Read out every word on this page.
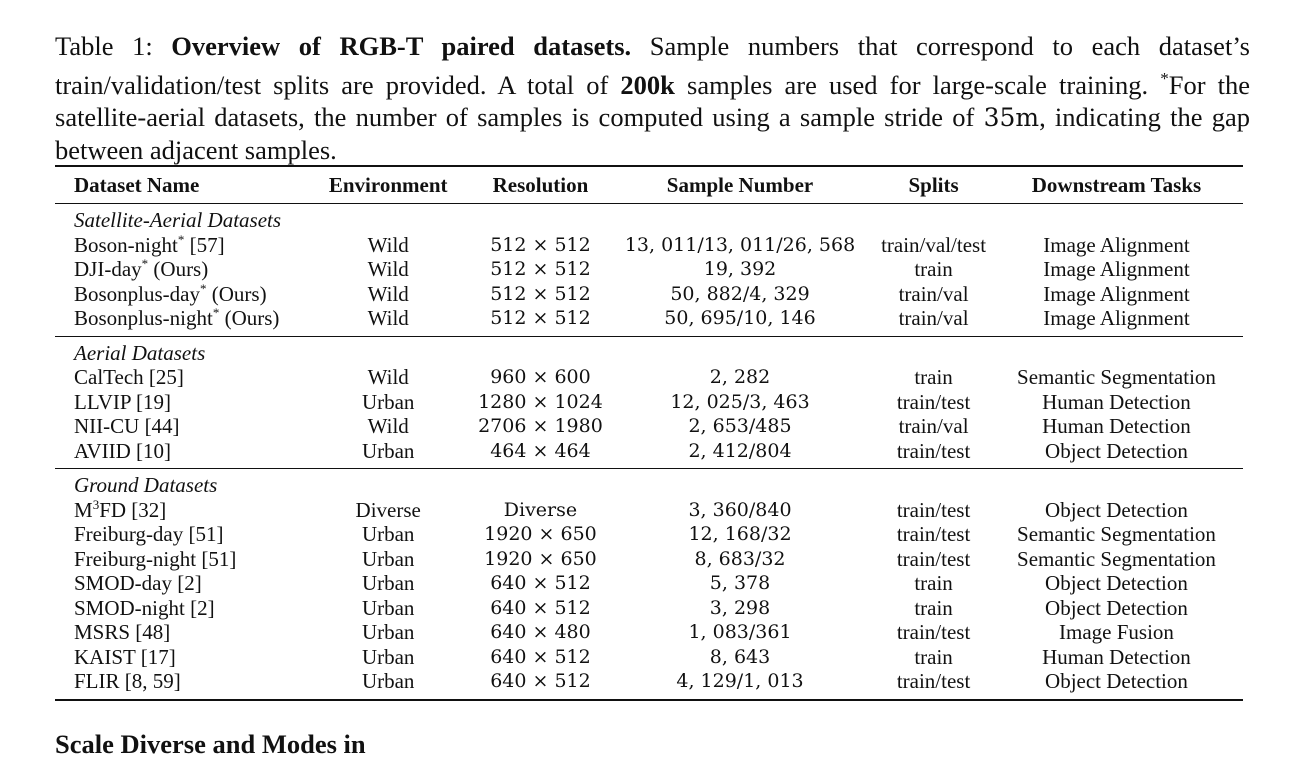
Table 1: Overview of RGB-T paired datasets. Sample numbers that correspond to each dataset’s train/validation/test splits are provided. A total of 200k samples are used for large-scale training. *For the satellite-aerial datasets, the number of samples is computed using a sample stride of 35m, indicating the gap between adjacent samples.
Dataset Name	Environment	Resolution	Sample Number	Splits	Downstream Tasks
Satellite-Aerial Datasets					
Boson-night* [57]	Wild	512 × 512	13, 011/13, 011/26, 568	train/val/test	Image Alignment
DJI-day* (Ours)	Wild	512 × 512	19, 392	train	Image Alignment
Bosonplus-day* (Ours)	Wild	512 × 512	50, 882/4, 329	train/val	Image Alignment
Bosonplus-night* (Ours)	Wild	512 × 512	50, 695/10, 146	train/val	Image Alignment

Aerial Datasets					
CalTech [25]	Wild	960 × 600	2, 282	train	Semantic Segmentation
LLVIP [19]	Urban	1280 × 1024	12, 025/3, 463	train/test	Human Detection
NII-CU [44]	Wild	2706 × 1980	2, 653/485	train/val	Human Detection
AVIID [10]	Urban	464 × 464	2, 412/804	train/test	Object Detection

Ground Datasets					
$M^3FD$ [32]	Diverse	Diverse	3, 360/840	train/test	Object Detection
Freiburg-day [51]	Urban	1920 × 650	12, 168/32	train/test	Semantic Segmentation
Freiburg-night [51]	Urban	1920 × 650	8, 683/32	train/test	Semantic Segmentation
SMOD-day [2]	Urban	640 × 512	5, 378	train	Object Detection
SMOD-night [2]	Urban	640 × 512	3, 298	train	Object Detection
MSRS [48]	Urban	640 × 480	1, 083/361	train/test	Image Fusion
KAIST [17]	Urban	640 × 512	8, 643	train	Human Detection
FLIR [8, 59]	Urban	640 × 512	4, 129/1, 013	train/test	Object Detection

Scale Diverse and Modes in
